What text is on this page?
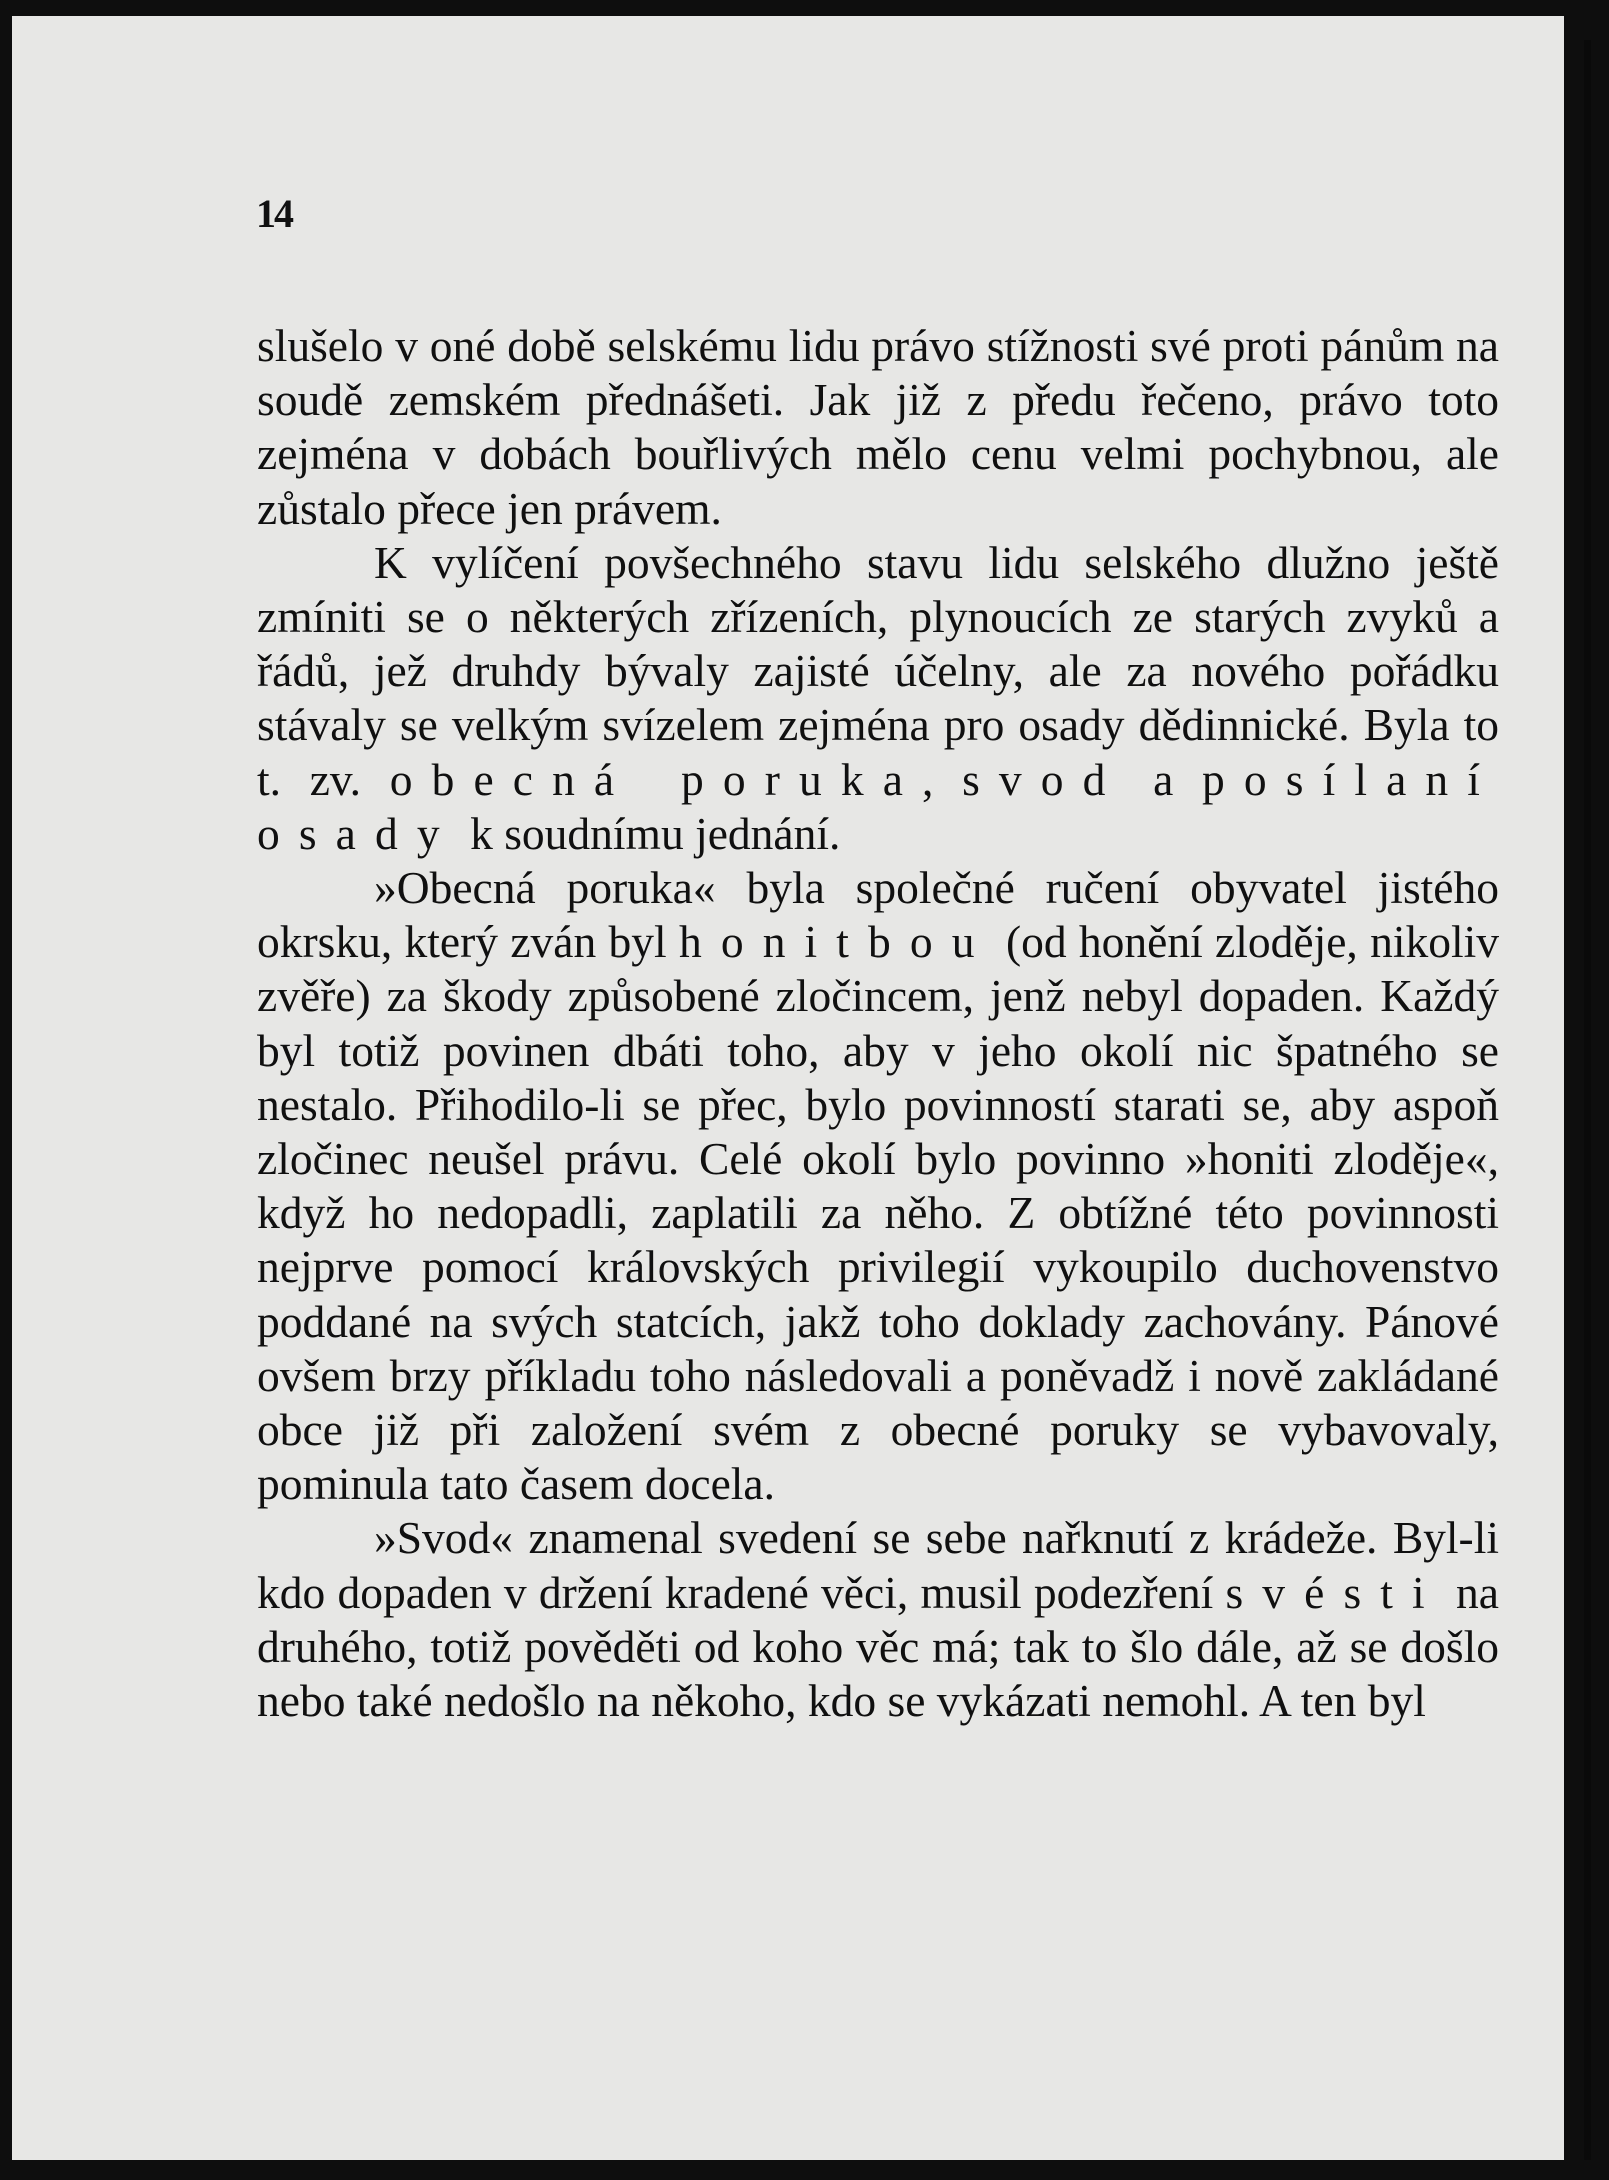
14

slušelo v oné době selskému lidu právo stížnosti své proti pánům na soudě zemském přednášeti. Jak již z předu řečeno, právo toto zejména v dobách bouřlivých mělo cenu velmi pochybnou, ale zůstalo přece jen právem.

K vylíčení povšechného stavu lidu selského dlužno ještě zmíniti se o některých zřízeních, plynoucích ze starých zvyků a řádů, jež druhdy bývaly zajisté účelny, ale za nového pořádku stávaly se velkým svízelem zejména pro osady dědinnické. Byla to t. zv. obecná poruka, svod a posílaní osady k soudnímu jednání.

»Obecná poruka« byla společné ručení obyvatel jistého okrsku, který zván byl honitbou (od honění zloděje, nikoliv zvěře) za škody způsobené zločincem, jenž nebyl dopaden. Každý byl totiž povinen dbáti toho, aby v jeho okolí nic špatného se nestalo. Přihodilo-li se přec, bylo povinností starati se, aby aspoň zločinec neušel právu. Celé okolí bylo povinno »honiti zloděje«, když ho nedopadli, zaplatili za něho. Z obtížné této povinnosti nejprve pomocí královských privilegií vykoupilo duchovenstvo poddané na svých statcích, jakž toho doklady zachovány. Pánové ovšem brzy příkladu toho následovali a poněvadž i nově zakládané obce již při založení svém z obecné poruky se vybavovaly, pominula tato časem docela.

»Svod« znamenal svedení se sebe nařknutí z krádeže. Byl-li kdo dopaden v držení kradené věci, musil podezření svésti na druhého, totiž pověděti od koho věc má; tak to šlo dále, až se došlo nebo také nedošlo na někoho, kdo se vykázati nemohl. A ten byl
